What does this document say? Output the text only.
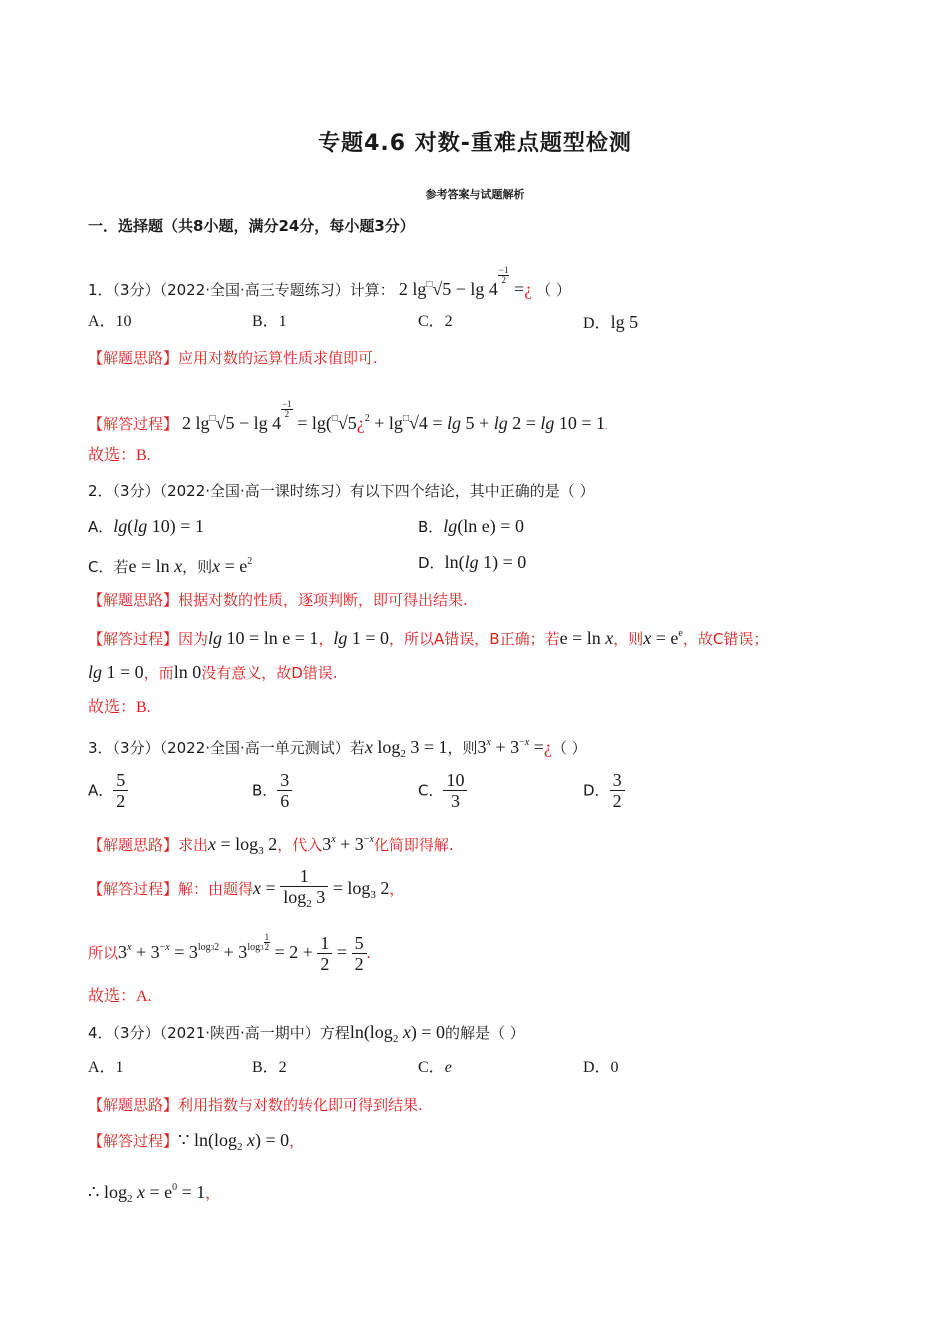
专题4.6 对数-重难点题型检测
参考答案与试题解析
一．选择题（共8小题，满分24分，每小题3分）
1．（3分）（2022·全国·高三专题练习）计算： 2 lg□√5 − lg 4
$\frac{-1}{2}$
=¿ （ ）
A．10	B．1	C．2	D．lg 5
【解题思路】应用对数的运算性质求值即可.
【解答过程】 2 lg□√5 − lg 4
$\frac{-1}{2}$
= lg(□√5¿$^2$ + lg□√4 = lg 5 + lg 2 = lg 10 = 1.
故选：B.
2．（3分）（2022·全国·高一课时练习）有以下四个结论，其中正确的是（ ）
A．lg(lg 10) = 1	B．lg(ln e) = 0
C．若e = ln x，则$x = e^2$	D．ln(lg 1) = 0
【解题思路】根据对数的性质，逐项判断，即可得出结果.
【解答过程】因为lg 10 = ln e = 1，lg 1 = 0，所以A错误，B正确；若e = ln x，则$x = e^e$，故C错误；
lg 1 = 0，而ln 0没有意义，故D错误.
故选：B.
3．（3分）（2022·全国·高一单元测试）若x $\log_2 3 = 1$，则$3^x + 3^{-x}$ =¿（ ）
A． $\frac{5}{2}$	B． $\frac{3}{6}$	C． $\frac{10}{3}$	D． $\frac{3}{2}$
【解题思路】求出$x = \log_3 2$，代入$3^x + 3^{-x}$化简即得解.
【解答过程】解：由题得$x = \frac{1}{\log_2 3} = \log_3 2$，
所以$3^x + 3^{-x} = 3^{log32} + 3^{log3 \frac{1}{2}} = 2 + \frac{1}{2} = \frac{5}{2}$ .
故选：A.
4．（3分）（2021·陕西·高一期中）方程$\ln(\log_2$ x) = 0的解是（ ）
A．1	B．2	C．e	D．0
【解题思路】利用指数与对数的转化即可得到结果.
【解答过程】∵ $\ln(\log_2$ x) = 0，
∴ $\log_2 x = e^0 = 1$，
